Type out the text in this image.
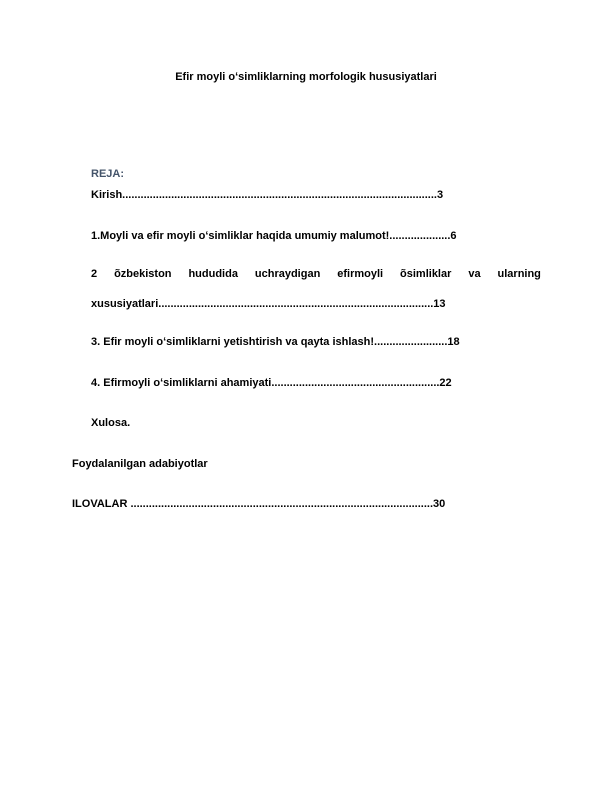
Efir moyli oʻsimliklarning morfologik hususiyatlari
REJA:
Kirish.......................................................................................................3
1.Moyli va efir moyli oʻsimliklar haqida umumiy malumot!....................6
2 õzbekiston hududida uchraydigan efirmoyli õsimliklar va ularning
xususiyatlari..........................................................................................13
3. Efir moyli oʻsimliklarni yetishtirish va qayta ishlash!........................18
4. Efirmoyli oʻsimliklarni ahamiyati.......................................................22
Xulosa.
Foydalanilgan adabiyotlar
ILOVALAR ...................................................................................................30
